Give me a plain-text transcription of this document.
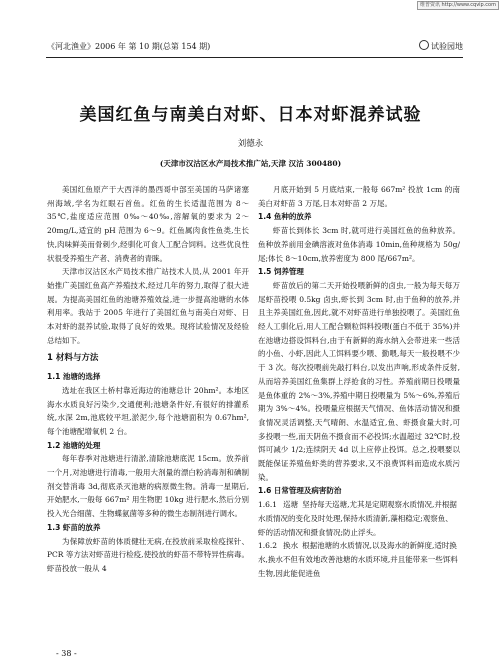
维普资讯 http://www.cqvip.com
《河北渔业》2006 年 第 10 期(总第 154 期)	试验园地
美国红鱼与南美白对虾、日本对虾混养试验
刘德永
(天津市汉沽区水产局技术推广站,天津 汉沽 300480)

美国红鱼原产于大西洋的墨西哥中部至美国的马萨诸塞州海域,学名为红眼石首鱼。红鱼的生长适温范围为 8～35℃,盐度适应范围 0‰～40‰,溶解氧的要求为 2～20mg/L,适宜的 pH 范围为 6～9。红鱼属肉食性鱼类,生长快,肉味鲜美而骨刺少,经驯化可食人工配合饲料。这些优良性状很受养殖生产者、消费者的青睐。

天津市汉沽区水产局技术推广站技术人员,从 2001 年开始推广美国红鱼高产养殖技术,经过几年的努力,取得了很大进展。为提高美国红鱼的池塘养殖效益,进一步提高池塘的水体利用率。我站于 2005 年进行了美国红鱼与南美白对虾、日本对虾的混养试验,取得了良好的效果。现将试验情况及经验总结如下。

1 材料与方法
1.1 池塘的选择

选址在我区土桥村靠近海边的池塘总计 20hm²。本地区海水水质良好污染少,交通便利;池塘条件好,有很好的排灌系统,水深 2m,池底较平坦,淤泥少,每个池塘面积为 0.67hm²,每个池塘配增氧机 2 台。

1.2 池塘的处理

每年春季对池塘进行清淤,清除池塘底泥 15cm。放养前一个月,对池塘进行清毒,一般用大剂量的漂白粉消毒剂和碘制剂交替消毒 3d,彻底杀灭池塘的病原微生物。消毒一星期后,开始肥水,一般每 667m² 用生物肥 10kg 进行肥水,然后分别投入光合细菌、生物蝶氨菌等多种的微生态制剂进行调水。

1.3 虾苗的放养

为保障放虾苗的体质健壮无病,在投放前采取检疫探针、PCR 等方法对虾苗进行检疫,使投放的虾苗不带特异性病毒。虾苗投放一般从 4

月底开始到 5 月底结束,一般每 667m² 投放 1cm 的南美白对虾苗 3 万尾,日本对虾苗 2 万尾。

1.4 鱼种的放养

虾苗长到体长 3cm 时,就可进行美国红鱼的鱼种放养。鱼种放养前用金碘溶液对鱼体消毒 10min,鱼种规格为 50g/尾;体长 8～10cm,放养密度为 800 尾/667m²。

1.5 饲养管理

虾苗放后的第二天开始投喂新鲜的卤虫,一般为每天每万尾虾苗投喂 0.5kg 卤虫,虾长到 3cm 时,由于鱼种的放养,并且主养美国红鱼,因此,就不对虾苗进行单独投喂了。美国红鱼经人工驯化后,用人工配合颗粒饵料投喂(蛋白不低于 35%)并在池塘边搭设饵料台,由于有新鲜的海水纳入会带进来一些活的小鱼、小虾,因此人工饵料要少喂、勤喂,每天一般投喂不少于 3 次。每次投喂前先敲打料台,以发出声响,形成条件反射,从而培养美国红鱼集群上浮抢食的习性。养殖前期日投喂量是鱼体重的 2%～3%,养殖中期日投喂量为 5%～6%,养殖后期为 3%～4%。投喂量应根据天气情况、鱼体活动情况和摄食情况灵活调整,天气晴朗、水温适宜,鱼、虾摄食量大时,可多投喂一些,而天阴鱼不摄食而不必投饵;水温超过 32℃时,投饵可减少 1/2;连续阴天 4d 以上应停止投饵。总之,投喂要以既能保证养殖鱼虾类的营养要求,又不浪费饵料而造成水质污染。

1.6 日常管理及病害防治
1.6.1 巡塘 坚持每天巡塘,尤其是定期观察水质情况,并根据水质情况的变化及时处理,保持水质清新,藻相稳定;观察鱼、虾的活动情况和摄食情况;防止浮头。
1.6.2 换水 根据池塘的水质情况,以及海水的新鲜度,适时换水,换水不但有效地改善池塘的水质环境,并且能带来一些饵料生物,因此能促进鱼
- 38 -
